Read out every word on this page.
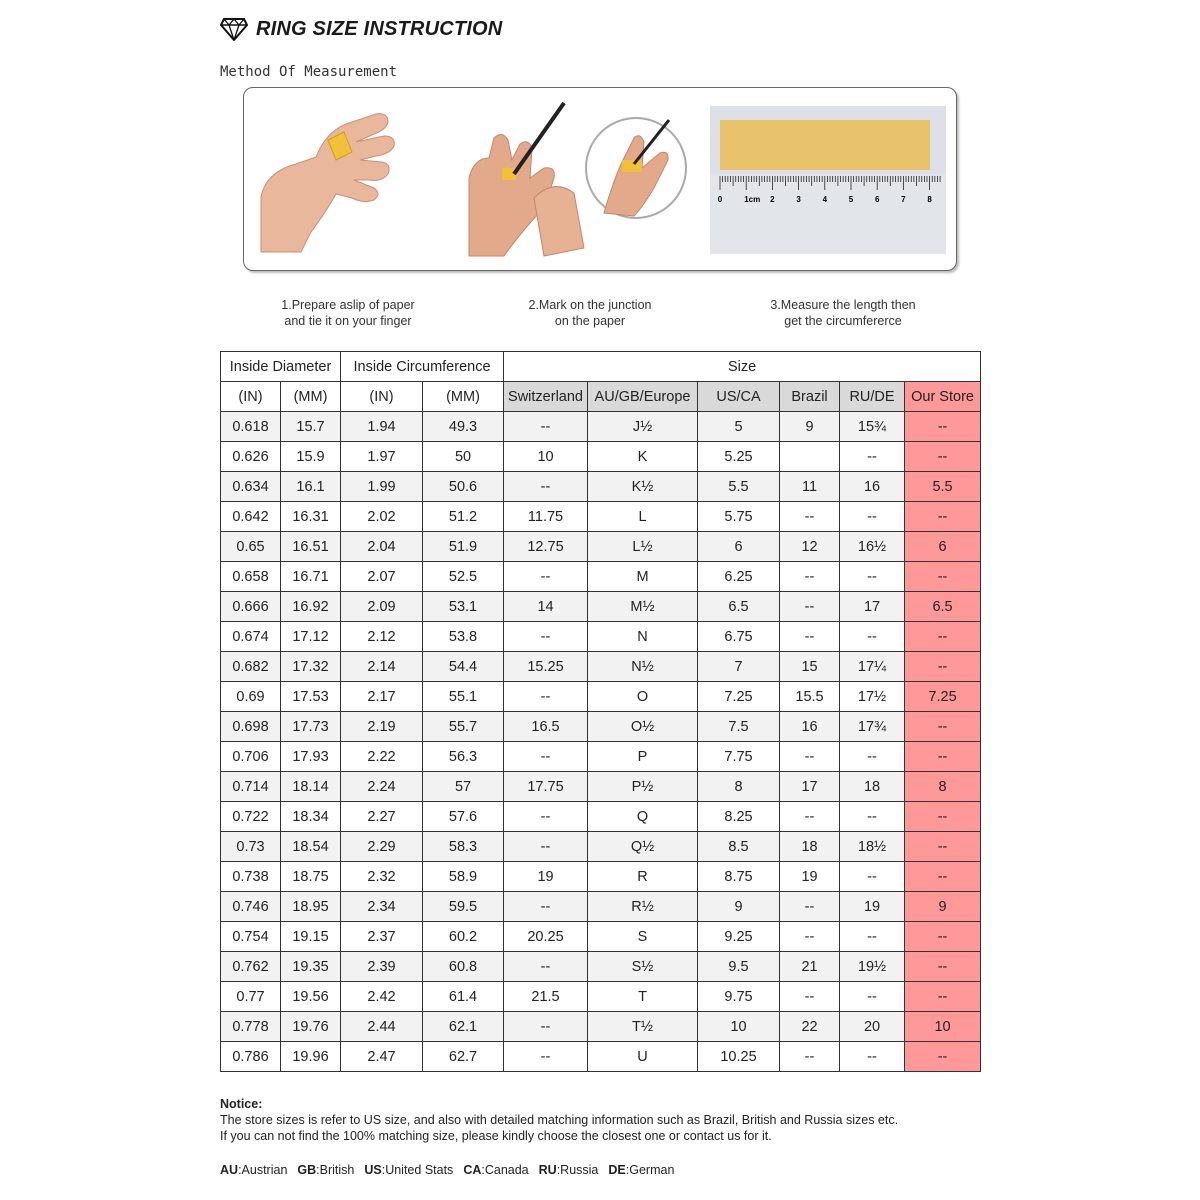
RING SIZE INSTRUCTION
Method Of Measurement
0	1cm 2	3	4	5	6	7	8
1.Prepare aslip of paper
and tie it on your finger
2.Mark on the junction
on the paper
3.Measure the length then
get the circumfererce
Inside Diameter		Inside Circumference		Size					
(IN)	(MM)	(IN)	(MM)	Switzerland	AU/GB/Europe	US/CA	Brazil	RU/DE	Our Store
0.618	15.7	1.94	49.3	--	J½	5	9	15¾	--
0.626	15.9	1.97	50	10	K	5.25		--	--
0.634	16.1	1.99	50.6	--	K½	5.5	11	16	5.5
0.642	16.31	2.02	51.2	11.75	L	5.75	--	--	--
0.65	16.51	2.04	51.9	12.75	L½	6	12	16½	6
0.658	16.71	2.07	52.5	--	M	6.25	--	--	--
0.666	16.92	2.09	53.1	14	M½	6.5	--	17	6.5
0.674	17.12	2.12	53.8	--	N	6.75	--	--	--
0.682	17.32	2.14	54.4	15.25	N½	7	15	17¼	--
0.69	17.53	2.17	55.1	--	O	7.25	15.5	17½	7.25
0.698	17.73	2.19	55.7	16.5	O½	7.5	16	17¾	--
0.706	17.93	2.22	56.3	--	P	7.75	--	--	--
0.714	18.14	2.24	57	17.75	P½	8	17	18	8
0.722	18.34	2.27	57.6	--	Q	8.25	--	--	--
0.73	18.54	2.29	58.3	--	Q½	8.5	18	18½	--
0.738	18.75	2.32	58.9	19	R	8.75	19	--	--
0.746	18.95	2.34	59.5	--	R½	9	--	19	9
0.754	19.15	2.37	60.2	20.25	S	9.25	--	--	--
0.762	19.35	2.39	60.8	--	S½	9.5	21	19½	--
0.77	19.56	2.42	61.4	21.5	T	9.75	--	--	--
0.778	19.76	2.44	62.1	--	T½	10	22	20	10
0.786	19.96	2.47	62.7	--	U	10.25	--	--	--
Notice:
The store sizes is refer to US size, and also with detailed matching information such as Brazil, British and Russia sizes etc.
If you can not find the 100% matching size, please kindly choose the closest one or contact us for it.
AU:Austrian GB:British US:United Stats CA:Canada RU:Russia DE:German
